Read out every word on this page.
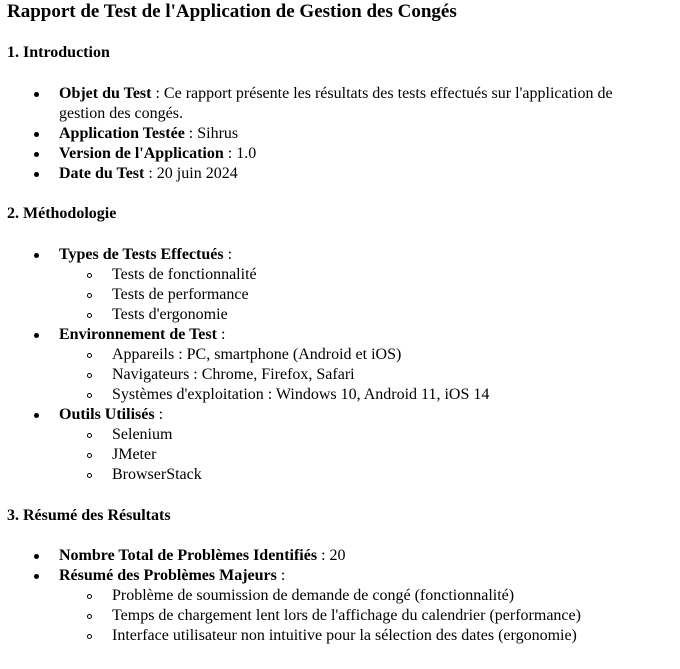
Rapport de Test de l'Application de Gestion des Congés
1. Introduction
Objet du Test : Ce rapport présente les résultats des tests effectués sur l'application de
gestion des congés.
Application Testée : Sihrus
Version de l'Application : 1.0
Date du Test : 20 juin 2024
2. Méthodologie
Types de Tests Effectués :
Tests de fonctionnalité
Tests de performance
Tests d'ergonomie
Environnement de Test :
Appareils : PC, smartphone (Android et iOS)
Navigateurs : Chrome, Firefox, Safari
Systèmes d'exploitation : Windows 10, Android 11, iOS 14
Outils Utilisés :
Selenium
JMeter
BrowserStack
3. Résumé des Résultats
Nombre Total de Problèmes Identifiés : 20
Résumé des Problèmes Majeurs :
Problème de soumission de demande de congé (fonctionnalité)
Temps de chargement lent lors de l'affichage du calendrier (performance)
Interface utilisateur non intuitive pour la sélection des dates (ergonomie)
